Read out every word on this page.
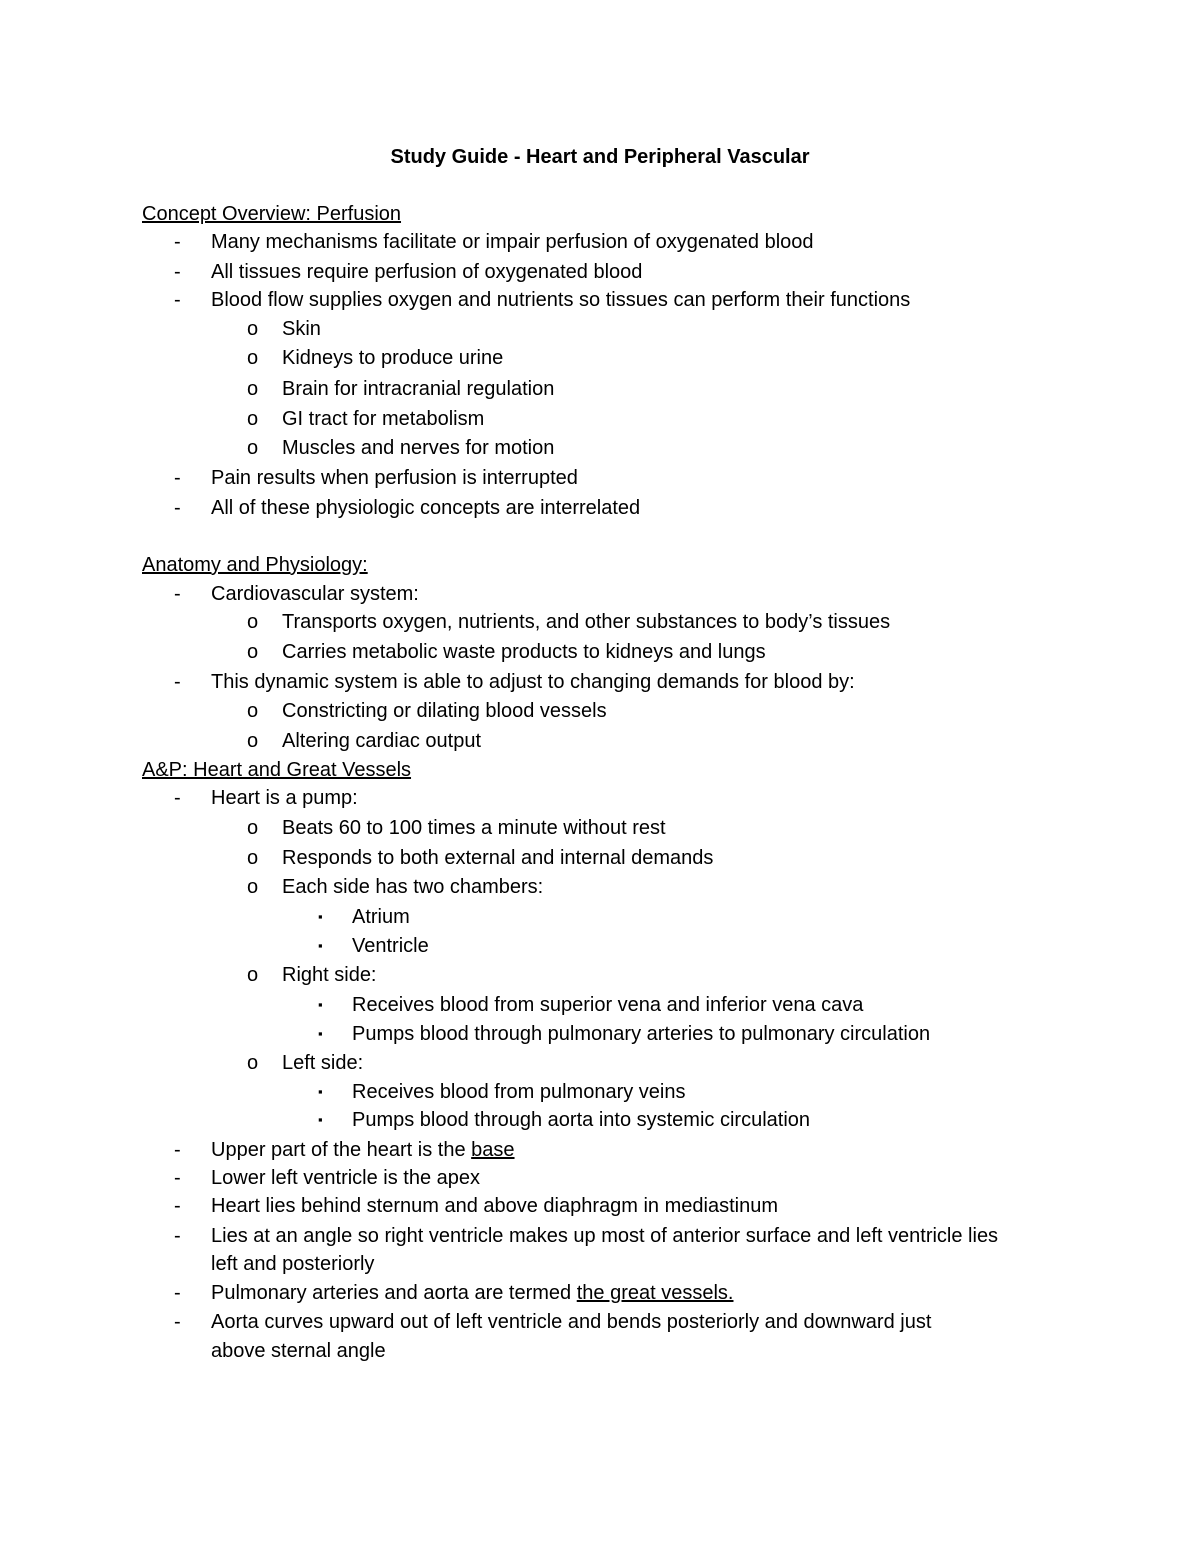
Study Guide - Heart and Peripheral Vascular
Concept Overview: Perfusion
- Many mechanisms facilitate or impair perfusion of oxygenated blood
- All tissues require perfusion of oxygenated blood
- Blood flow supplies oxygen and nutrients so tissues can perform their functions
o Skin
o Kidneys to produce urine
o Brain for intracranial regulation
o GI tract for metabolism
o Muscles and nerves for motion
- Pain results when perfusion is interrupted
- All of these physiologic concepts are interrelated
Anatomy and Physiology:
- Cardiovascular system:
o Transports oxygen, nutrients, and other substances to body’s tissues
o Carries metabolic waste products to kidneys and lungs
- This dynamic system is able to adjust to changing demands for blood by:
o Constricting or dilating blood vessels
o Altering cardiac output
A&P: Heart and Great Vessels
- Heart is a pump:
o Beats 60 to 100 times a minute without rest
o Responds to both external and internal demands
o Each side has two chambers:
▪ Atrium
▪ Ventricle
o Right side:
▪ Receives blood from superior vena and inferior vena cava
▪ Pumps blood through pulmonary arteries to pulmonary circulation
o Left side:
▪ Receives blood from pulmonary veins
▪ Pumps blood through aorta into systemic circulation
- Upper part of the heart is the base
- Lower left ventricle is the apex
- Heart lies behind sternum and above diaphragm in mediastinum
- Lies at an angle so right ventricle makes up most of anterior surface and left ventricle lies
left and posteriorly
- Pulmonary arteries and aorta are termed the great vessels.
- Aorta curves upward out of left ventricle and bends posteriorly and downward just
above sternal angle
